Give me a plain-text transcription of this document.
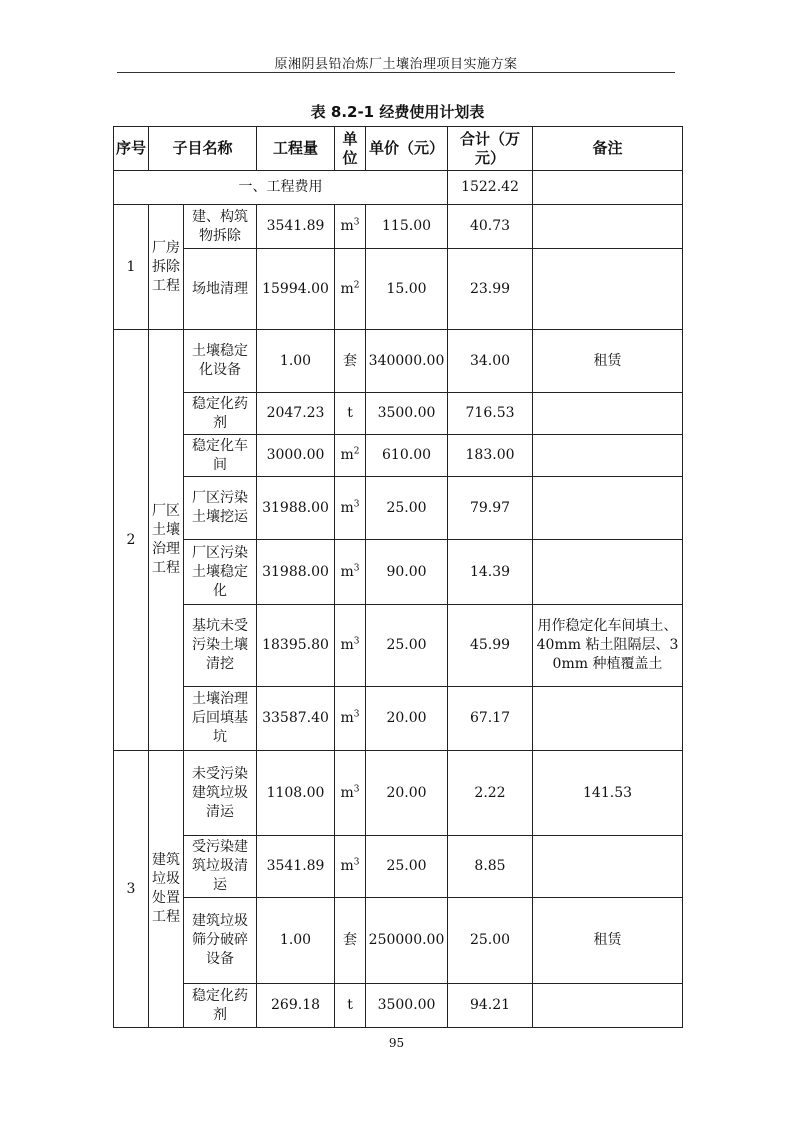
原湘阴县铅冶炼厂土壤治理项目实施方案
表 8.2-1 经费使用计划表
序号	子目名称		工程量	单位	单价（元）	合计（万元）	备注
一、工程费用						1522.42	
1	厂房拆除工程	建、构筑物拆除	3541.89	$m^3$	115.00	40.73	
		场地清理	15994.00	$m^2$	15.00	23.99	
2	厂区土壤治理工程	土壤稳定化设备	1.00	套	340000.00	34.00	租赁
		稳定化药剂	2047.23	t	3500.00	716.53	
		稳定化车间	3000.00	$m^2$	610.00	183.00	
		厂区污染土壤挖运	31988.00	$m^3$	25.00	79.97	
		厂区污染土壤稳定化	31988.00	$m^3$	90.00	14.39	
		基坑未受污染土壤清挖	18395.80	$m^3$	25.00	45.99	用作稳定化车间填土、40mm 粘土阻隔层、30mm 种植覆盖土
		土壤治理后回填基坑	33587.40	$m^3$	20.00	67.17	
3	建筑垃圾处置工程	未受污染建筑垃圾清运	1108.00	$m^3$	20.00	2.22	141.53
		受污染建筑垃圾清运	3541.89	$m^3$	25.00	8.85	
		建筑垃圾筛分破碎设备	1.00	套	250000.00	25.00	租赁
		稳定化药剂	269.18	t	3500.00	94.21	
95
